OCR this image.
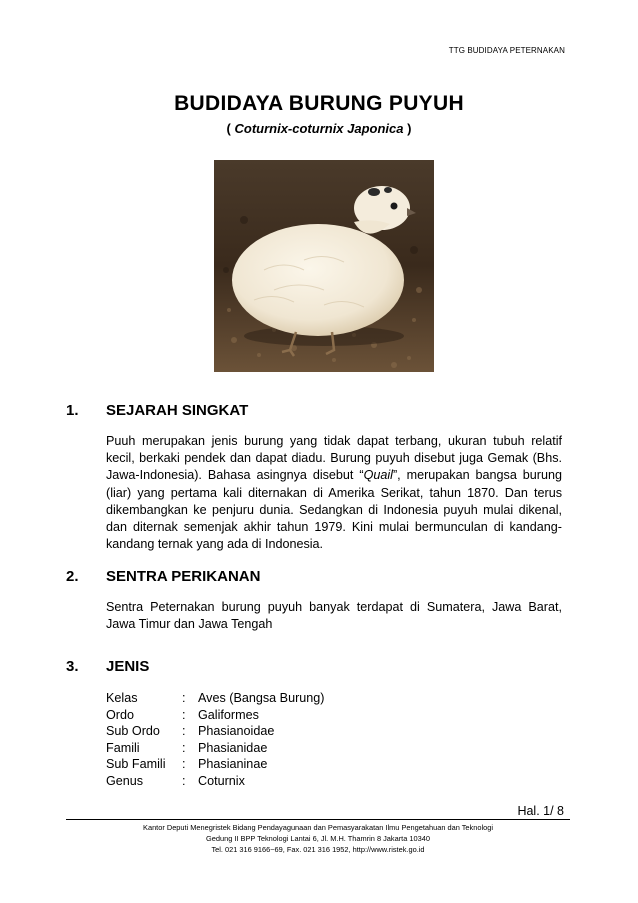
TTG BUDIDAYA PETERNAKAN
BUDIDAYA BURUNG PUYUH
( Coturnix-coturnix Japonica )
1. SEJARAH SINGKAT
Puuh merupakan jenis burung yang tidak dapat terbang, ukuran tubuh relatif kecil, berkaki pendek dan dapat diadu. Burung puyuh disebut juga Gemak (Bhs. Jawa-Indonesia). Bahasa asingnya disebut “Quail”, merupakan bangsa burung (liar) yang pertama kali diternakan di Amerika Serikat, tahun 1870. Dan terus dikembangkan ke penjuru dunia. Sedangkan di Indonesia puyuh mulai dikenal, dan diternak semenjak akhir tahun 1979. Kini mulai bermunculan di kandang-kandang ternak yang ada di Indonesia.
2. SENTRA PERIKANAN
Sentra Peternakan burung puyuh banyak terdapat di Sumatera, Jawa Barat, Jawa Timur dan Jawa Tengah
3. JENIS
Kelas	: Aves (Bangsa Burung)
Ordo	: Galiformes
Sub Ordo	: Phasianoidae
Famili	: Phasianidae
Sub Famili	: Phasianinae
Genus	: Coturnix
Hal. 1/ 8
Kantor Deputi Menegristek Bidang Pendayagunaan dan Pemasyarakatan Ilmu Pengetahuan dan Teknologi
Gedung II BPP Teknologi Lantai 6, Jl. M.H. Thamrin 8 Jakarta 10340
Tel. 021 316 9166~69, Fax. 021 316 1952, http://www.ristek.go.id
